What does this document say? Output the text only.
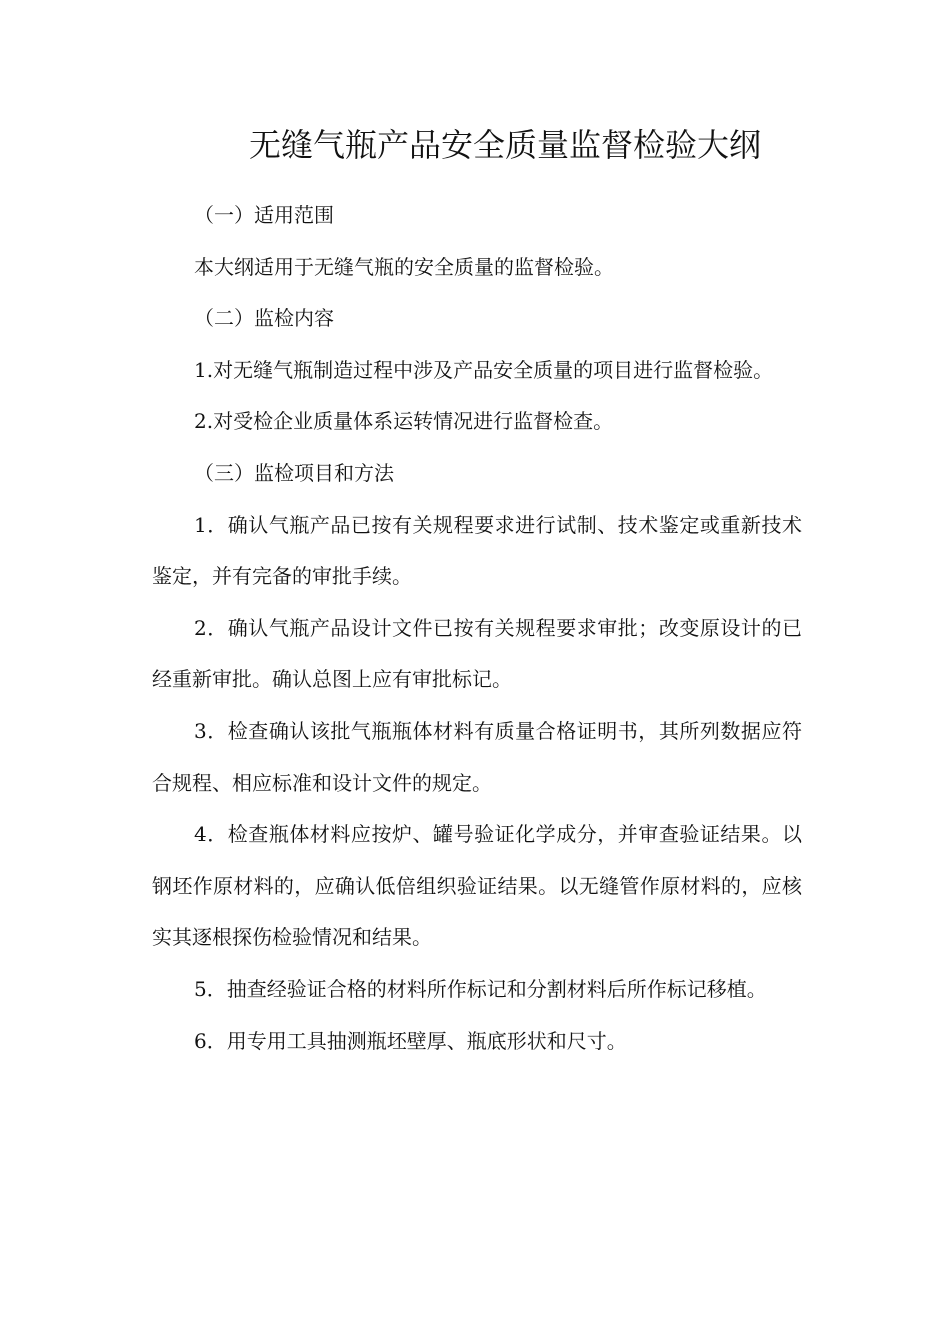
无缝气瓶产品安全质量监督检验大纲

（一）适用范围

本大纲适用于无缝气瓶的安全质量的监督检验。

（二）监检内容

1.对无缝气瓶制造过程中涉及产品安全质量的项目进行监督检验。

2.对受检企业质量体系运转情况进行监督检查。

（三）监检项目和方法

1．确认气瓶产品已按有关规程要求进行试制、技术鉴定或重新技术鉴定，并有完备的审批手续。

2．确认气瓶产品设计文件已按有关规程要求审批；改变原设计的已经重新审批。确认总图上应有审批标记。

3．检查确认该批气瓶瓶体材料有质量合格证明书，其所列数据应符合规程、相应标准和设计文件的规定。

4．检查瓶体材料应按炉、罐号验证化学成分，并审查验证结果。以钢坯作原材料的，应确认低倍组织验证结果。以无缝管作原材料的，应核实其逐根探伤检验情况和结果。

5．抽查经验证合格的材料所作标记和分割材料后所作标记移植。

6．用专用工具抽测瓶坯壁厚、瓶底形状和尺寸。
